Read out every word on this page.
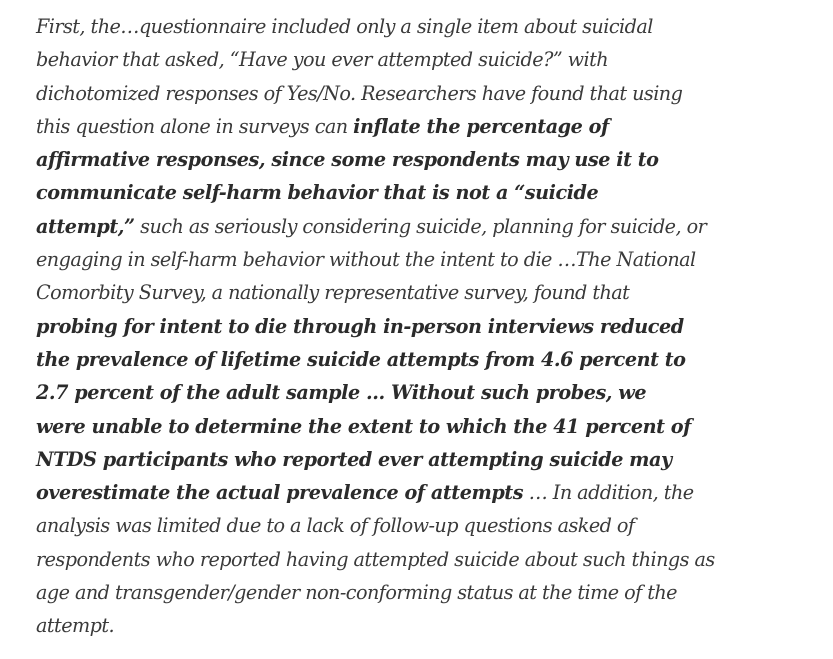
First, the…questionnaire included only a single item about suicidal
behavior that asked, “Have you ever attempted suicide?” with
dichotomized responses of Yes/No. Researchers have found that using
this question alone in surveys can inflate the percentage of
affirmative responses, since some respondents may use it to
communicate self-harm behavior that is not a “suicide
attempt,” such as seriously considering suicide, planning for suicide, or
engaging in self-harm behavior without the intent to die …The National
Comorbity Survey, a nationally representative survey, found that
probing for intent to die through in-person interviews reduced
the prevalence of lifetime suicide attempts from 4.6 percent to
2.7 percent of the adult sample … Without such probes, we
were unable to determine the extent to which the 41 percent of
NTDS participants who reported ever attempting suicide may
overestimate the actual prevalence of attempts … In addition, the
analysis was limited due to a lack of follow-up questions asked of
respondents who reported having attempted suicide about such things as
age and transgender/gender non-conforming status at the time of the
attempt.
